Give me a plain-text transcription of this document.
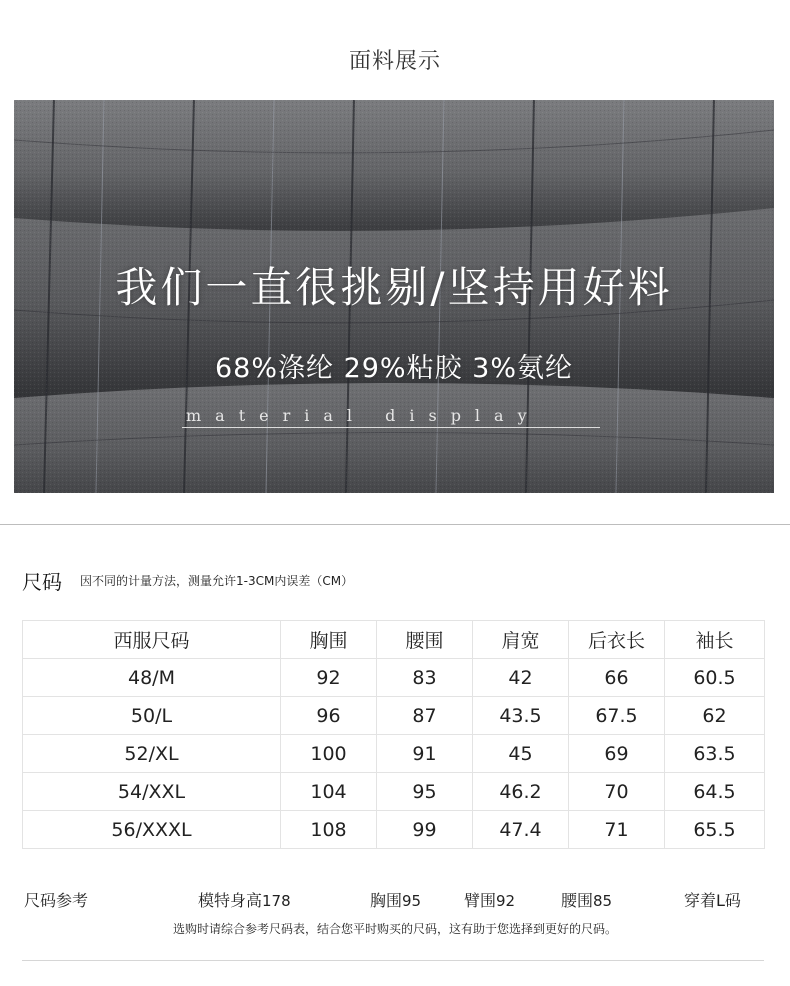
面料展示
我们一直很挑剔/坚持用好料
68%涤纶 29%粘胶 3%氨纶
material display
尺码 因不同的计量方法，测量允许1-3CM内误差（CM）
西服尺码	胸围	腰围	肩宽	后衣长	袖长
48/M	92	83	42	66	60.5
50/L	96	87	43.5	67.5	62
52/XL	100	91	45	69	63.5
54/XXL	104	95	46.2	70	64.5
56/XXXL	108	99	47.4	71	65.5
尺码参考	模特身高178	胸围95	臂围92	腰围85	穿着L码
选购时请综合参考尺码表，结合您平时购买的尺码，这有助于您选择到更好的尺码。
